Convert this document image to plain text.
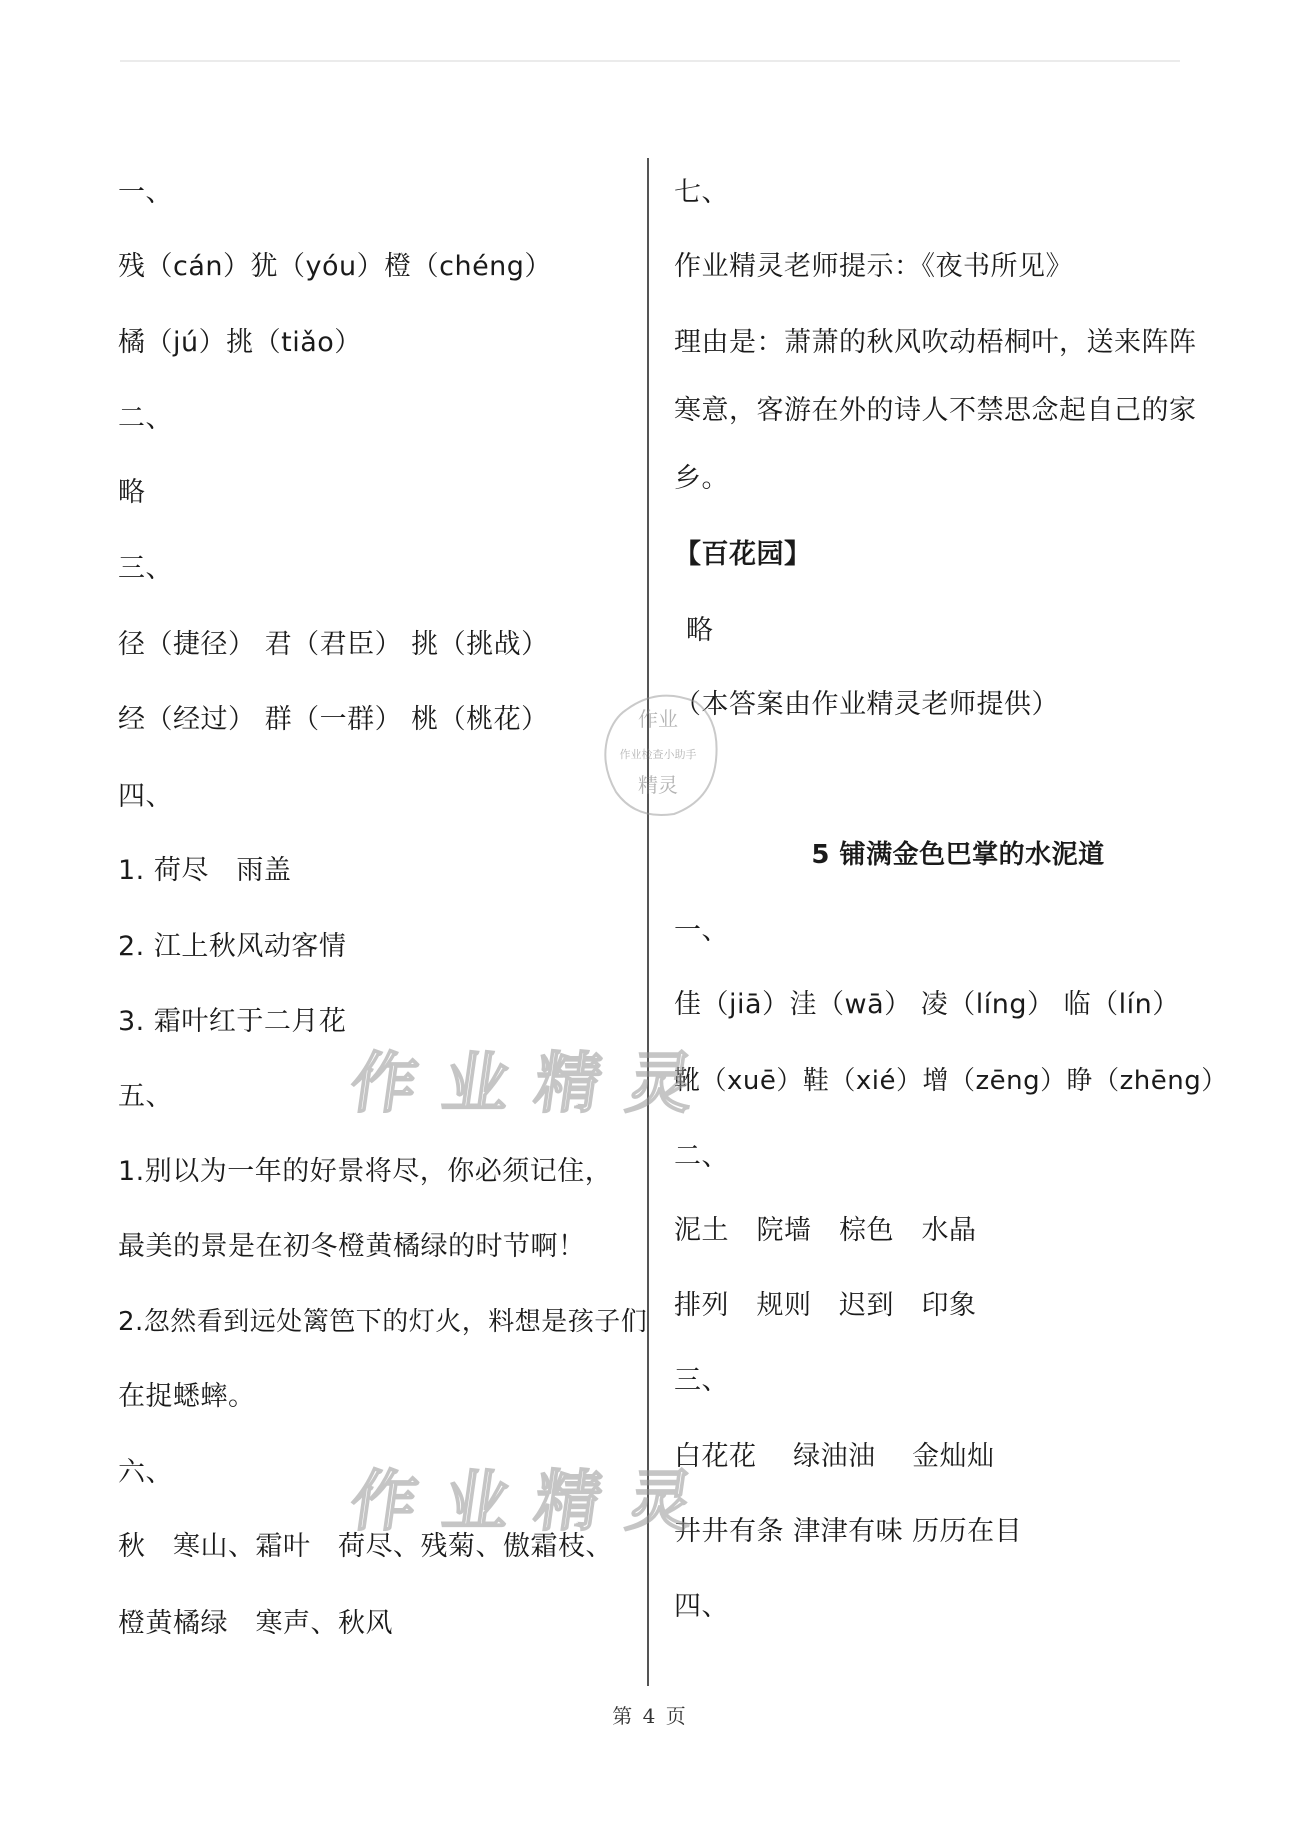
一、
残（cán）犹（yóu）橙（chéng）
橘（jú）挑（tiǎo）
二、
略
三、
径（捷径） 君（君臣） 挑（挑战）
经（经过） 群（一群） 桃（桃花）
四、
1. 荷尽　雨盖
2. 江上秋风动客情
3. 霜叶红于二月花
五、
1.别以为一年的好景将尽，你必须记住，
最美的景是在初冬橙黄橘绿的时节啊！
2.忽然看到远处篱笆下的灯火，料想是孩子们
在捉蟋蟀。
六、
秋　寒山、霜叶　荷尽、残菊、傲霜枝、
橙黄橘绿　寒声、秋风
七、
作业精灵老师提示：《夜书所见》
理由是：萧萧的秋风吹动梧桐叶，送来阵阵
寒意，客游在外的诗人不禁思念起自己的家
乡。
【百花园】
略
（本答案由作业精灵老师提供）
5 铺满金色巴掌的水泥道
一、
佳（jiā）洼（wā） 凌（líng） 临（lín）
靴（xuē）鞋（xié）增（zēng）睁（zhēng）
二、
泥土　院墙　棕色　水晶
排列　规则　迟到　印象
三、
白花花　 绿油油　 金灿灿
井井有条 津津有味 历历在目
四、
作业精灵
作业精灵
作业
作业检查小助手
精灵
第 4 页
